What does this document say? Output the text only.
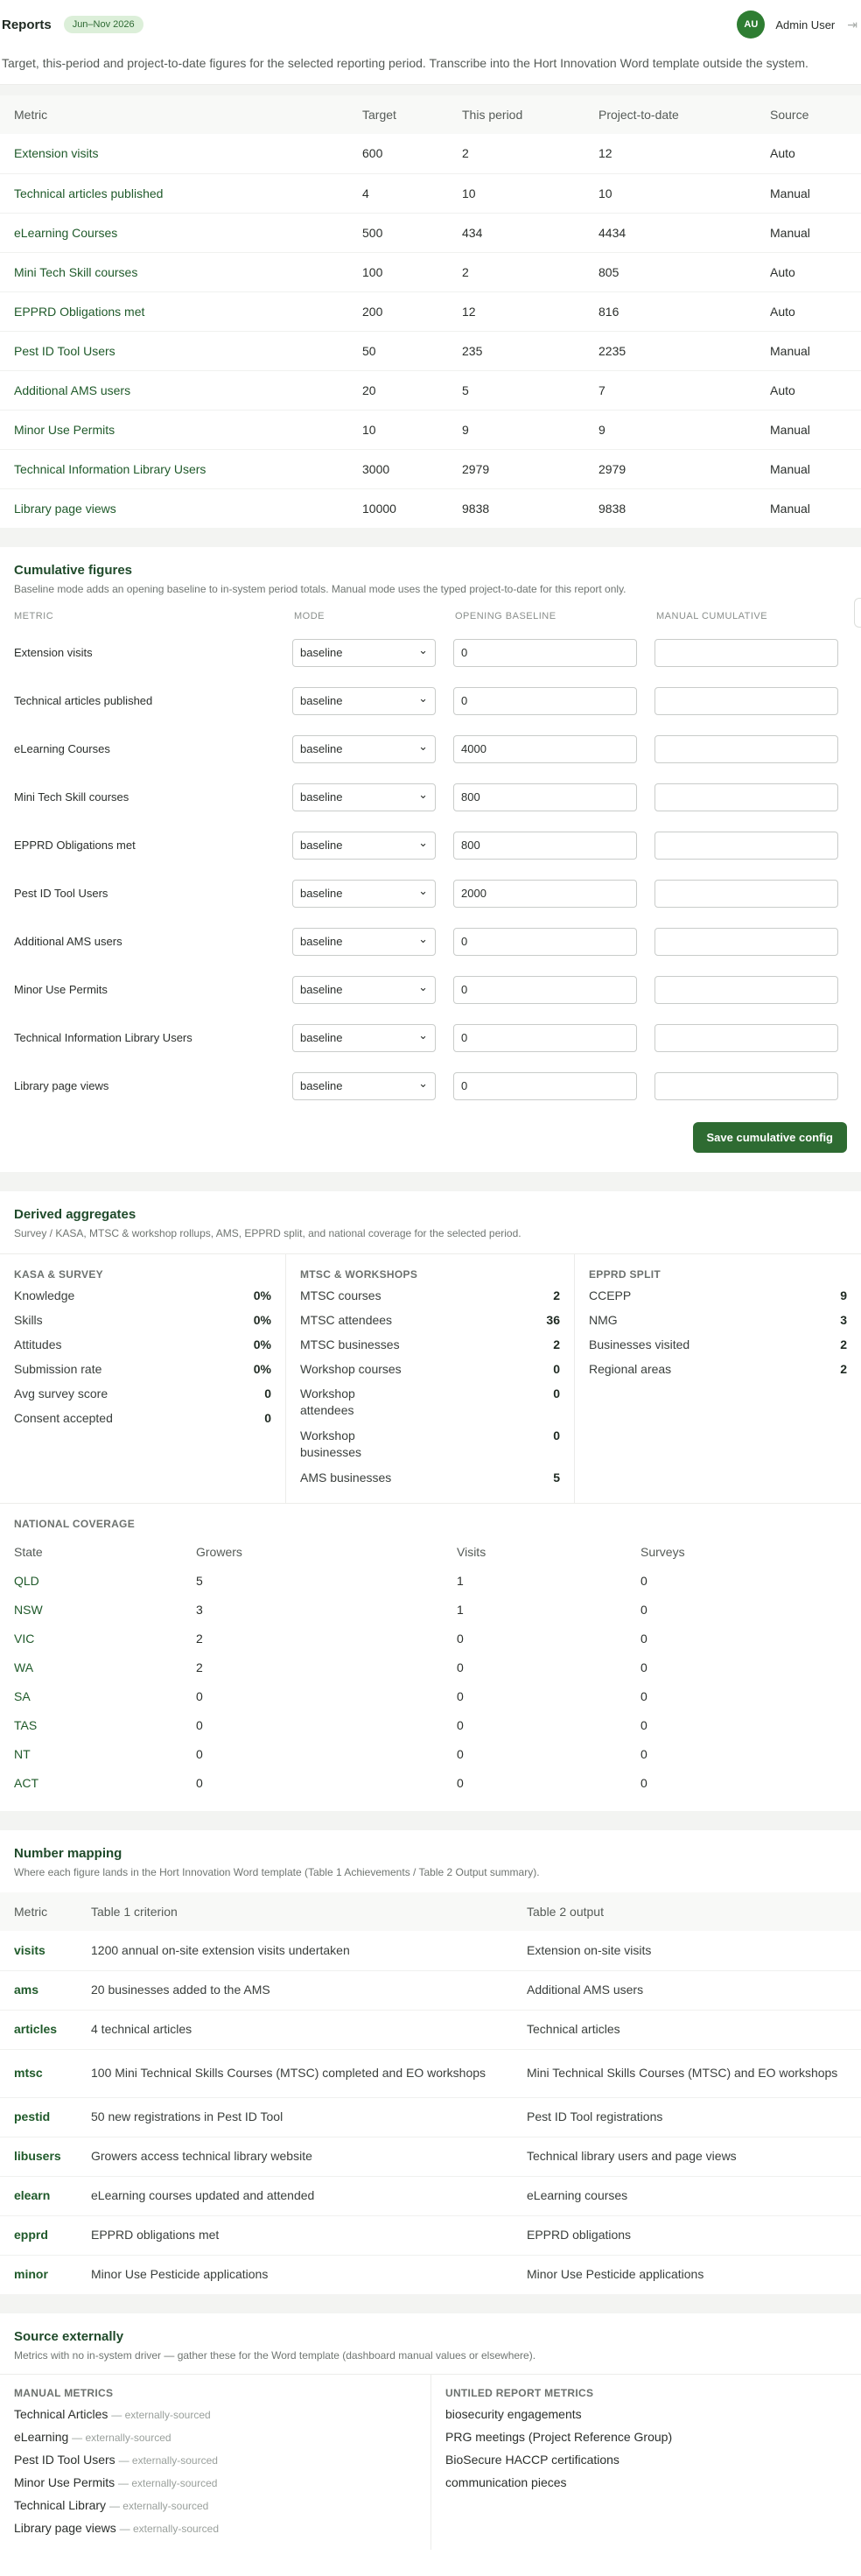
Reports	Jun–Nov 2026	AU	Admin User ⇥
Target, this-period and project-to-date figures for the selected reporting period. Transcribe into the Hort Innovation Word template outside the system.
Metric	Target	This period	Project-to-date	Source
Extension visits	600	2	12	Auto
Technical articles published	4	10	10	Manual
eLearning Courses	500	434	4434	Manual
Mini Tech Skill courses	100	2	805	Auto
EPPRD Obligations met	200	12	816	Auto
Pest ID Tool Users	50	235	2235	Manual
Additional AMS users	20	5	7	Auto
Minor Use Permits	10	9	9	Manual
Technical Information Library Users	3000	2979	2979	Manual
Library page views	10000	9838	9838	Manual
Cumulative figures

Baseline mode adds an opening baseline to in-system period totals. Manual mode uses the typed project-to-date for this report only.

METRIC	MODE	OPENING BASELINE	MANUAL CUMULATIVE
Extension visits	baseline	⌄	0
Technical articles published	baseline	⌄	0
eLearning Courses	baseline	⌄	4000
Mini Tech Skill courses	baseline	⌄	800
EPPRD Obligations met	baseline	⌄	800
Pest ID Tool Users	baseline	⌄	2000
Additional AMS users	baseline	⌄	0
Minor Use Permits	baseline	⌄	0
Technical Information Library Users	baseline	⌄	0
Library page views	baseline	⌄	0
Save cumulative config
Derived aggregates

Survey / KASA, MTSC & workshop rollups, AMS, EPPRD split, and national coverage for the selected period.

KASA & SURVEY
Knowledge	0%
Skills	0%
Attitudes	0%
Submission rate	0%
Avg survey score	0
Consent accepted	0
MTSC & WORKSHOPS
MTSC courses	2
MTSC attendees	36
MTSC businesses	2
Workshop courses	0
Workshop attendees
0
Workshop businesses
0
AMS businesses	5
EPPRD SPLIT
CCEPP	9
NMG	3
Businesses visited	2
Regional areas	2
NATIONAL COVERAGE
State	Growers	Visits	Surveys
QLD	5	1	0
NSW	3	1	0
VIC	2	0	0
WA	2	0	0
SA	0	0	0
TAS	0	0	0
NT	0	0	0
ACT	0	0	0
Number mapping

Where each figure lands in the Hort Innovation Word template (Table 1 Achievements / Table 2 Output summary).

Metric	Table 1 criterion	Table 2 output
visits	1200 annual on-site extension visits undertaken	Extension on-site visits
ams	20 businesses added to the AMS	Additional AMS users
articles	4 technical articles	Technical articles
mtsc	100 Mini Technical Skills Courses (MTSC) completed and EO workshops	Mini Technical Skills Courses (MTSC) and EO workshops
pestid	50 new registrations in Pest ID Tool	Pest ID Tool registrations
libusers	Growers access technical library website	Technical library users and page views
elearn	eLearning courses updated and attended	eLearning courses
epprd	EPPRD obligations met	EPPRD obligations
minor	Minor Use Pesticide applications	Minor Use Pesticide applications
Source externally

Metrics with no in-system driver — gather these for the Word template (dashboard manual values or elsewhere).

MANUAL METRICS
Technical Articles — externally-sourced
eLearning — externally-sourced
Pest ID Tool Users — externally-sourced
Minor Use Permits — externally-sourced
Technical Library — externally-sourced
Library page views — externally-sourced
UNTILED REPORT METRICS
biosecurity engagements
PRG meetings (Project Reference Group)
BioSecure HACCP certifications
communication pieces
